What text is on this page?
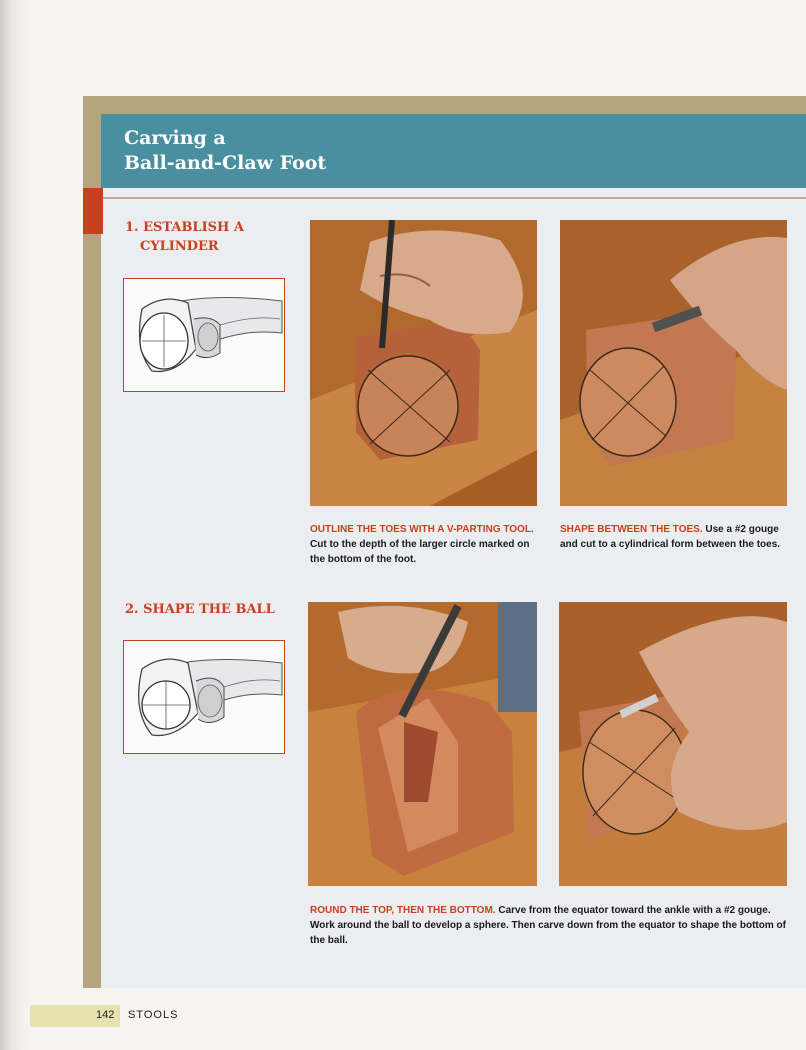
Carving a
Ball-and-Claw Foot
1. ESTABLISH A
CYLINDER
OUTLINE THE TOES WITH A V-PARTING TOOL. Cut to the depth of the larger circle marked on the bottom of the foot.
SHAPE BETWEEN THE TOES. Use a #2 gouge and cut to a cylindrical form between the toes.
2. SHAPE THE BALL
ROUND THE TOP, THEN THE BOTTOM. Carve from the equator toward the ankle with a #2 gouge. Work around the ball to develop a sphere. Then carve down from the equator to shape the bottom of the ball.
142 STOOLS
